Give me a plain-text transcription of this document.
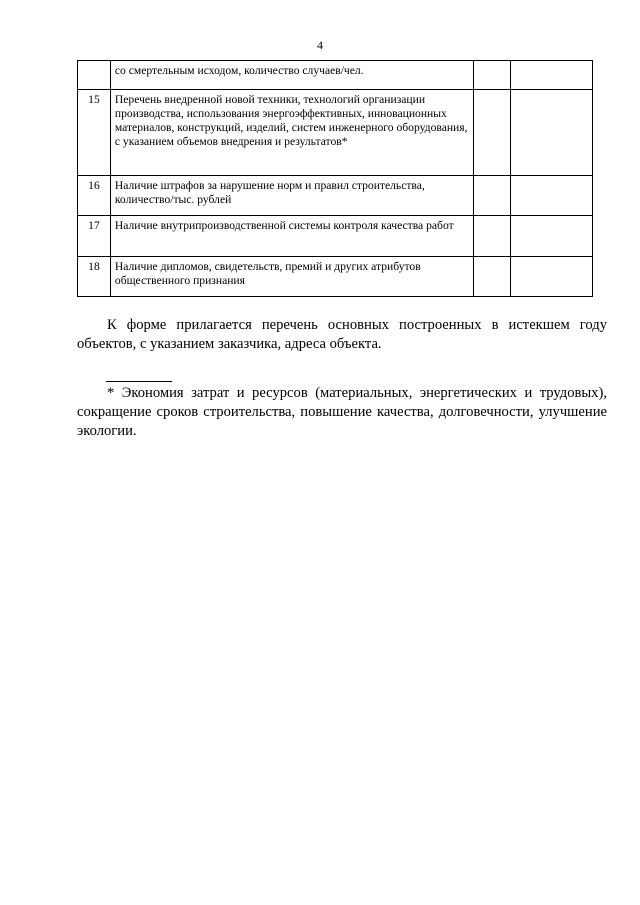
4
	со смертельным исходом, количество случаев/чел.		
15	Перечень внедренной новой техники, технологий организации производства, использования энергоэффективных, инновационных материалов, конструкций, изделий, систем инженерного оборудования, с указанием объемов внедрения и результатов*		
16	Наличие штрафов за нарушение норм и правил строительства, количество/тыс. рублей		
17	Наличие внутрипроизводственной системы контроля качества работ		
18	Наличие дипломов, свидетельств, премий и других атрибутов общественного признания		
К форме прилагается перечень основных построенных в истекшем году объектов, с указанием заказчика, адреса объекта.
* Экономия затрат и ресурсов (материальных, энергетических и трудовых), сокращение сроков строительства, повышение качества, долговечности, улучшение экологии.
